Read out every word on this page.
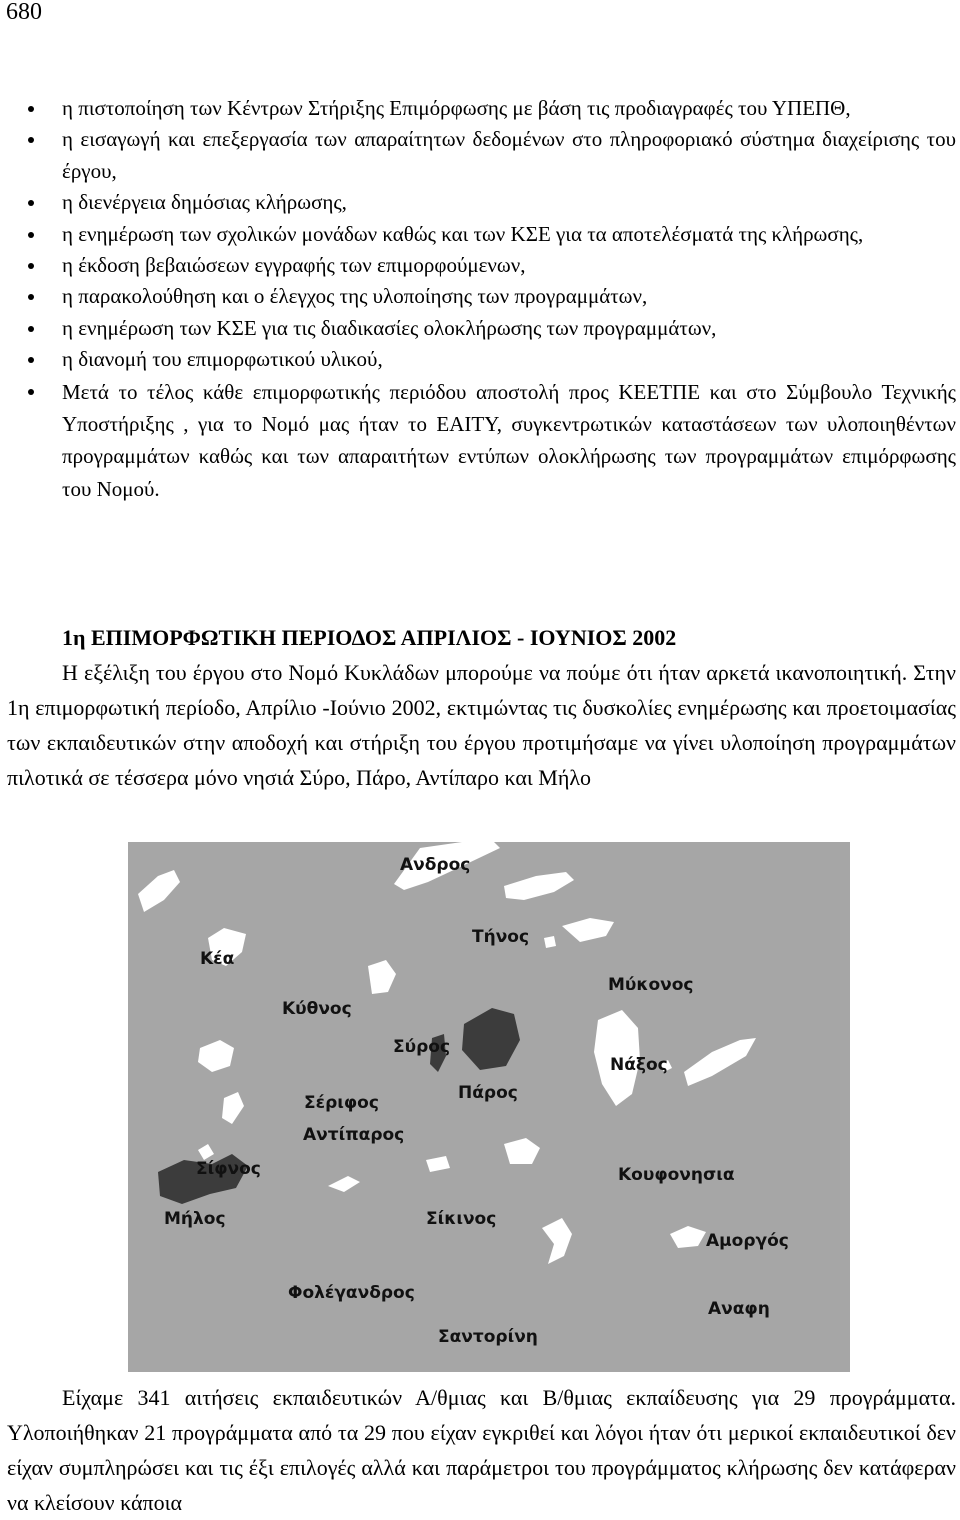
680
η πιστοποίηση των Κέντρων Στήριξης Επιμόρφωσης με βάση τις προδιαγραφές του ΥΠΕΠΘ,
η εισαγωγή και επεξεργασία των απαραίτητων δεδομένων στο πληροφοριακό σύστημα διαχείρισης του έργου,
η διενέργεια δημόσιας κλήρωσης,
η ενημέρωση των σχολικών μονάδων καθώς και των ΚΣΕ για τα αποτελέσματά της κλήρωσης,
η έκδοση βεβαιώσεων εγγραφής των επιμορφούμενων,
η παρακολούθηση και ο έλεγχος της υλοποίησης των προγραμμάτων,
η ενημέρωση των ΚΣΕ για τις διαδικασίες ολοκλήρωσης των προγραμμάτων,
η διανομή του επιμορφωτικού υλικού,
Μετά το τέλος κάθε επιμορφωτικής περιόδου αποστολή προς ΚΕΕΤΠΕ και στο Σύμβουλο Τεχνικής Υποστήριξης , για το Νομό μας ήταν το ΕΑΙΤΥ, συγκεντρωτικών καταστάσεων των υλοποιηθέντων προγραμμάτων καθώς και των απαραιτήτων εντύπων ολοκλήρωσης των προγραμμάτων επιμόρφωσης του Νομού.
1η ΕΠΙΜΟΡΦΩΤΙΚΗ ΠΕΡΙΟΔΟΣ ΑΠΡΙΛΙΟΣ - ΙΟΥΝΙΟΣ 2002
Η εξέλιξη του έργου στο Νομό Κυκλάδων μπορούμε να πούμε ότι ήταν αρκετά ικανοποιητική. Στην 1η επιμορφωτική περίοδο, Απρίλιο -Ιούνιο 2002, εκτιμώντας τις δυσκολίες ενημέρωσης και προετοιμασίας των εκπαιδευτικών στην αποδοχή και στήριξη του έργου προτιμήσαμε να γίνει υλοποίηση προγραμμάτων πιλοτικά σε τέσσερα μόνο νησιά Σύρο, Πάρο, Αντίπαρο και Μήλο
Ανδρος
Τήνος
Κέα
Μύκονος
Κύθνος
Σύρος
Νάξος
Πάρος
Σέριφος
Αντίπαρος
Κουφονησια
Σίφνος
Μήλος	Σίκινος
Αμοργός
Φολέγανδρος
Αναφη
Σαντορίνη
Είχαμε 341 αιτήσεις εκπαιδευτικών Α/θμιας και Β/θμιας εκπαίδευσης για 29 προγράμματα. Υλοποιήθηκαν 21 προγράμματα από τα 29 που είχαν εγκριθεί και λόγοι ήταν ότι μερικοί εκπαιδευτικοί δεν είχαν συμπληρώσει και τις έξι επιλογές αλλά και παράμετροι του προγράμματος κλήρωσης δεν κατάφεραν να κλείσουν κάποια
